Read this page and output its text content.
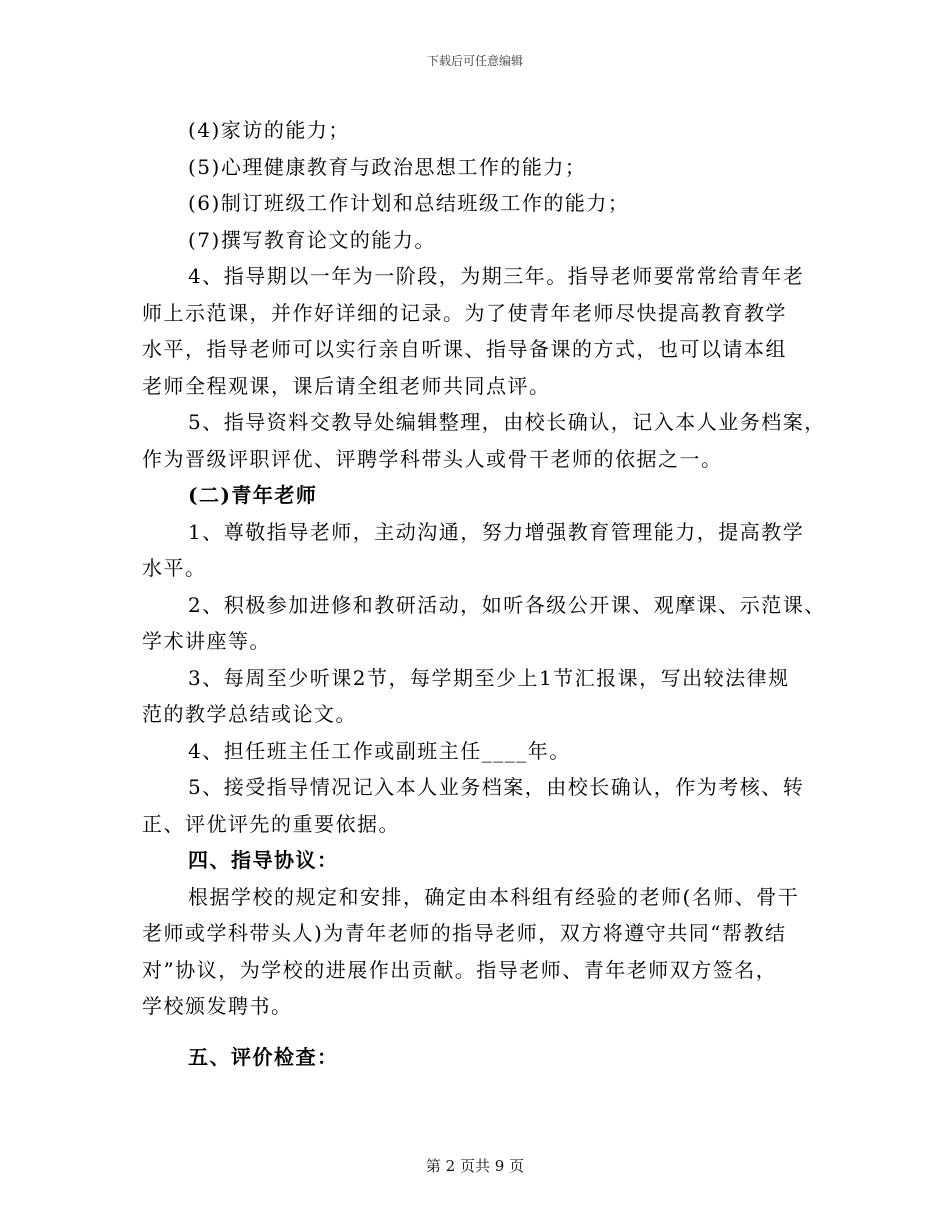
下载后可任意编辑
(4)家访的能力；
(5)心理健康教育与政治思想工作的能力；
(6)制订班级工作计划和总结班级工作的能力；
(7)撰写教育论文的能力。
4、指导期以一年为一阶段，为期三年。指导老师要常常给青年老
师上示范课，并作好详细的记录。为了使青年老师尽快提高教育教学
水平，指导老师可以实行亲自听课、指导备课的方式，也可以请本组
老师全程观课，课后请全组老师共同点评。
5、指导资料交教导处编辑整理，由校长确认，记入本人业务档案，
作为晋级评职评优、评聘学科带头人或骨干老师的依据之一。
(二)青年老师
1、尊敬指导老师，主动沟通，努力增强教育管理能力，提高教学
水平。
2、积极参加进修和教研活动，如听各级公开课、观摩课、示范课、
学术讲座等。
3、每周至少听课2节，每学期至少上1节汇报课，写出较法律规
范的教学总结或论文。
4、担任班主任工作或副班主任____年。
5、接受指导情况记入本人业务档案，由校长确认，作为考核、转
正、评优评先的重要依据。
四、指导协议：
根据学校的规定和安排，确定由本科组有经验的老师(名师、骨干
老师或学科带头人)为青年老师的指导老师，双方将遵守共同“帮教结
对”协议，为学校的进展作出贡献。指导老师、青年老师双方签名，
学校颁发聘书。
五、评价检查：
第 2 页共 9 页
